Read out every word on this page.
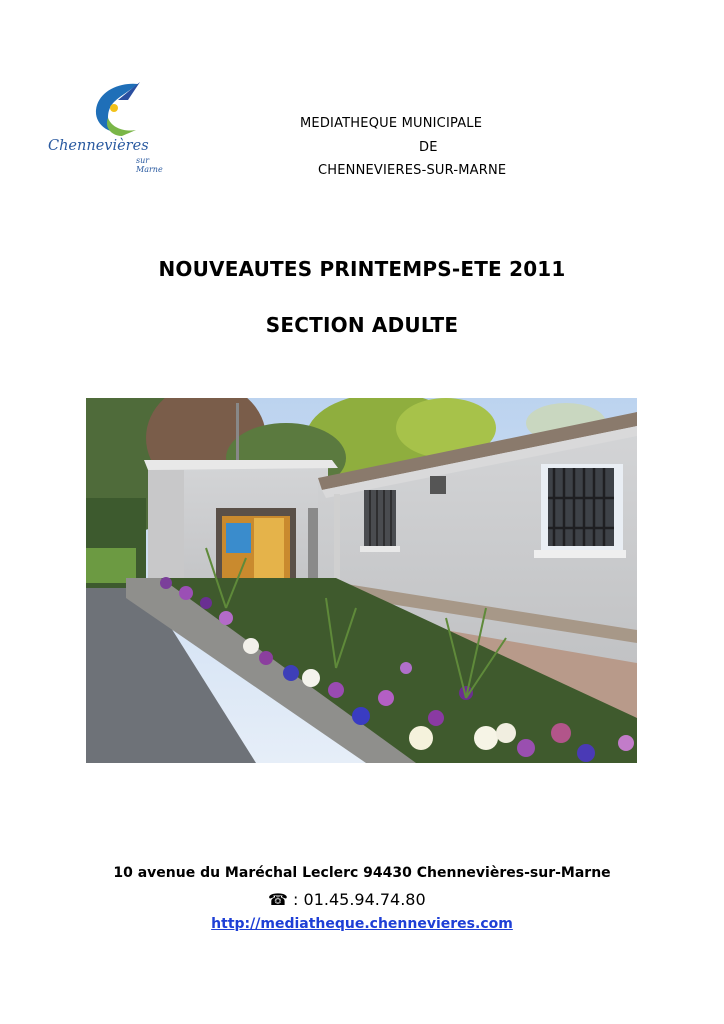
Chennevières
sur Marne
MEDIATHEQUE MUNICIPALE
DE
CHENNEVIERES-SUR-MARNE
NOUVEAUTES PRINTEMPS-ETE 2011
SECTION ADULTE
10 avenue du Maréchal Leclerc 94430 Chennevières-sur-Marne
☎ : 01.45.94.74.80
http://mediatheque.chennevieres.com
